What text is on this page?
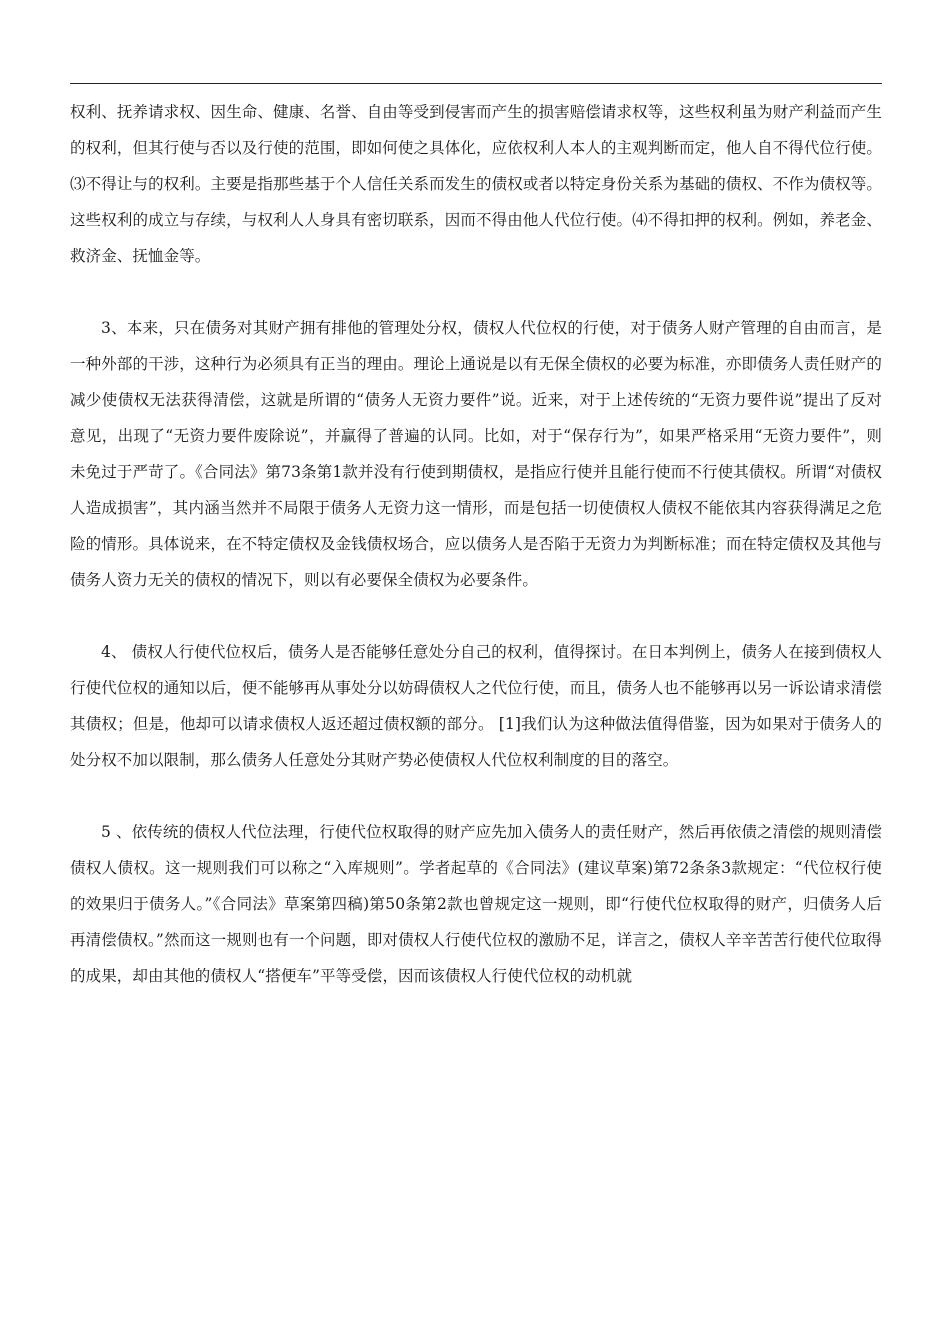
权利、抚养请求权、因生命、健康、名誉、自由等受到侵害而产生的损害赔偿请求权等，这些权利虽为财产利益而产生的权利，但其行使与否以及行使的范围，即如何使之具体化，应依权利人本人的主观判断而定，他人自不得代位行使。⑶不得让与的权利。主要是指那些基于个人信任关系而发生的债权或者以特定身份关系为基础的债权、不作为债权等。这些权利的成立与存续，与权利人人身具有密切联系，因而不得由他人代位行使。⑷不得扣押的权利。例如，养老金、救济金、抚恤金等。

3、本来，只在债务对其财产拥有排他的管理处分权，债权人代位权的行使，对于债务人财产管理的自由而言，是一种外部的干涉，这种行为必须具有正当的理由。理论上通说是以有无保全债权的必要为标准，亦即债务人责任财产的减少使债权无法获得清偿，这就是所谓的“债务人无资力要件”说。近来，对于上述传统的“无资力要件说”提出了反对意见，出现了“无资力要件废除说”，并赢得了普遍的认同。比如，对于“保存行为”，如果严格采用“无资力要件”，则未免过于严苛了。《合同法》第73条第1款并没有行使到期债权，是指应行使并且能行使而不行使其债权。所谓“对债权人造成损害”，其内涵当然并不局限于债务人无资力这一情形，而是包括一切使债权人债权不能依其内容获得满足之危险的情形。具体说来，在不特定债权及金钱债权场合，应以债务人是否陷于无资力为判断标准；而在特定债权及其他与债务人资力无关的债权的情况下，则以有必要保全债权为必要条件。

4、 债权人行使代位权后，债务人是否能够任意处分自己的权利，值得探讨。在日本判例上，债务人在接到债权人行使代位权的通知以后，便不能够再从事处分以妨碍债权人之代位行使，而且，债务人也不能够再以另一诉讼请求清偿其债权；但是，他却可以请求债权人返还超过债权额的部分。 [1]我们认为这种做法值得借鉴，因为如果对于债务人的处分权不加以限制，那么债务人任意处分其财产势必使债权人代位权利制度的目的落空。

5 、依传统的债权人代位法理，行使代位权取得的财产应先加入债务人的责任财产，然后再依债之清偿的规则清偿债权人债权。这一规则我们可以称之“入库规则”。学者起草的《合同法》(建议草案)第72条条3款规定：“代位权行使的效果归于债务人。”《合同法》草案第四稿)第50条第2款也曾规定这一规则，即“行使代位权取得的财产，归债务人后再清偿债权。”然而这一规则也有一个问题，即对债权人行使代位权的激励不足，详言之，债权人辛辛苦苦行使代位取得的成果，却由其他的债权人“搭便车”平等受偿，因而该债权人行使代位权的动机就
